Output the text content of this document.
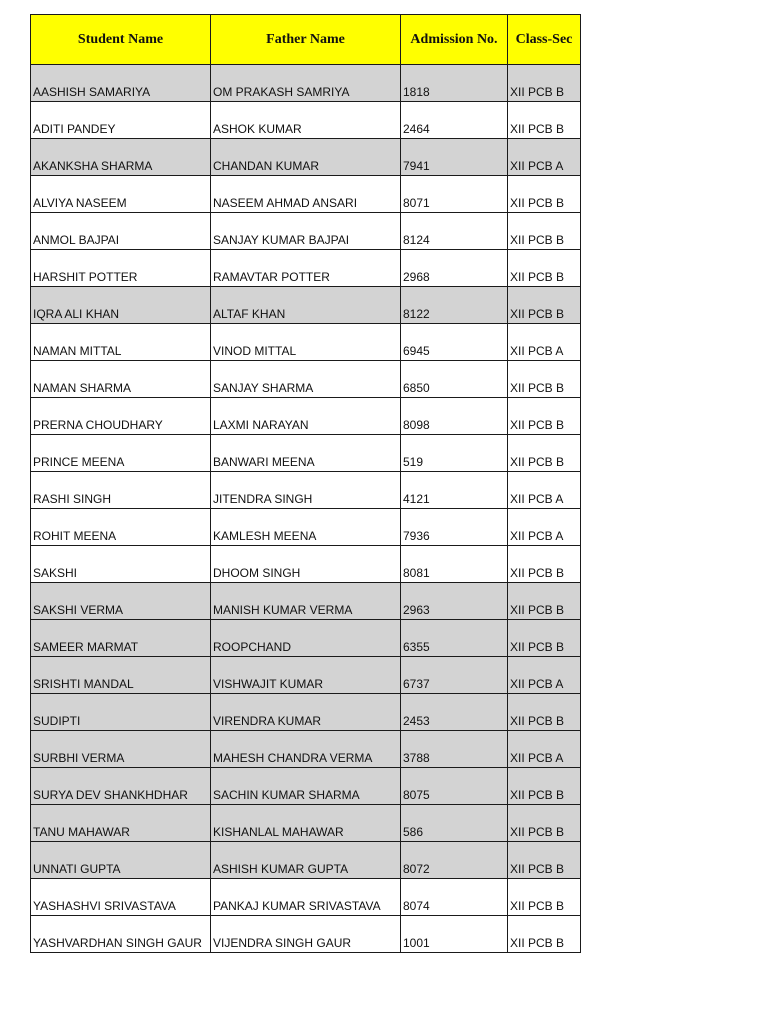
Student Name	Father Name	Admission No.	Class-Sec
AASHISH SAMARIYA	OM PRAKASH SAMRIYA	1818	XII PCB B
ADITI PANDEY	ASHOK KUMAR	2464	XII PCB B
AKANKSHA SHARMA	CHANDAN KUMAR	7941	XII PCB A
ALVIYA NASEEM	NASEEM AHMAD ANSARI	8071	XII PCB B
ANMOL BAJPAI	SANJAY KUMAR BAJPAI	8124	XII PCB B
HARSHIT POTTER	RAMAVTAR POTTER	2968	XII PCB B
IQRA ALI KHAN	ALTAF KHAN	8122	XII PCB B
NAMAN MITTAL	VINOD MITTAL	6945	XII PCB A
NAMAN SHARMA	SANJAY SHARMA	6850	XII PCB B
PRERNA CHOUDHARY	LAXMI NARAYAN	8098	XII PCB B
PRINCE MEENA	BANWARI MEENA	519	XII PCB B
RASHI SINGH	JITENDRA SINGH	4121	XII PCB A
ROHIT MEENA	KAMLESH MEENA	7936	XII PCB A
SAKSHI	DHOOM SINGH	8081	XII PCB B
SAKSHI VERMA	MANISH KUMAR VERMA	2963	XII PCB B
SAMEER MARMAT	ROOPCHAND	6355	XII PCB B
SRISHTI MANDAL	VISHWAJIT KUMAR	6737	XII PCB A
SUDIPTI	VIRENDRA KUMAR	2453	XII PCB B
SURBHI VERMA	MAHESH CHANDRA VERMA	3788	XII PCB A
SURYA DEV SHANKHDHAR	SACHIN KUMAR SHARMA	8075	XII PCB B
TANU MAHAWAR	KISHANLAL MAHAWAR	586	XII PCB B
UNNATI GUPTA	ASHISH KUMAR GUPTA	8072	XII PCB B
YASHASHVI SRIVASTAVA	PANKAJ KUMAR SRIVASTAVA	8074	XII PCB B
YASHVARDHAN SINGH GAUR	VIJENDRA SINGH GAUR	1001	XII PCB B
